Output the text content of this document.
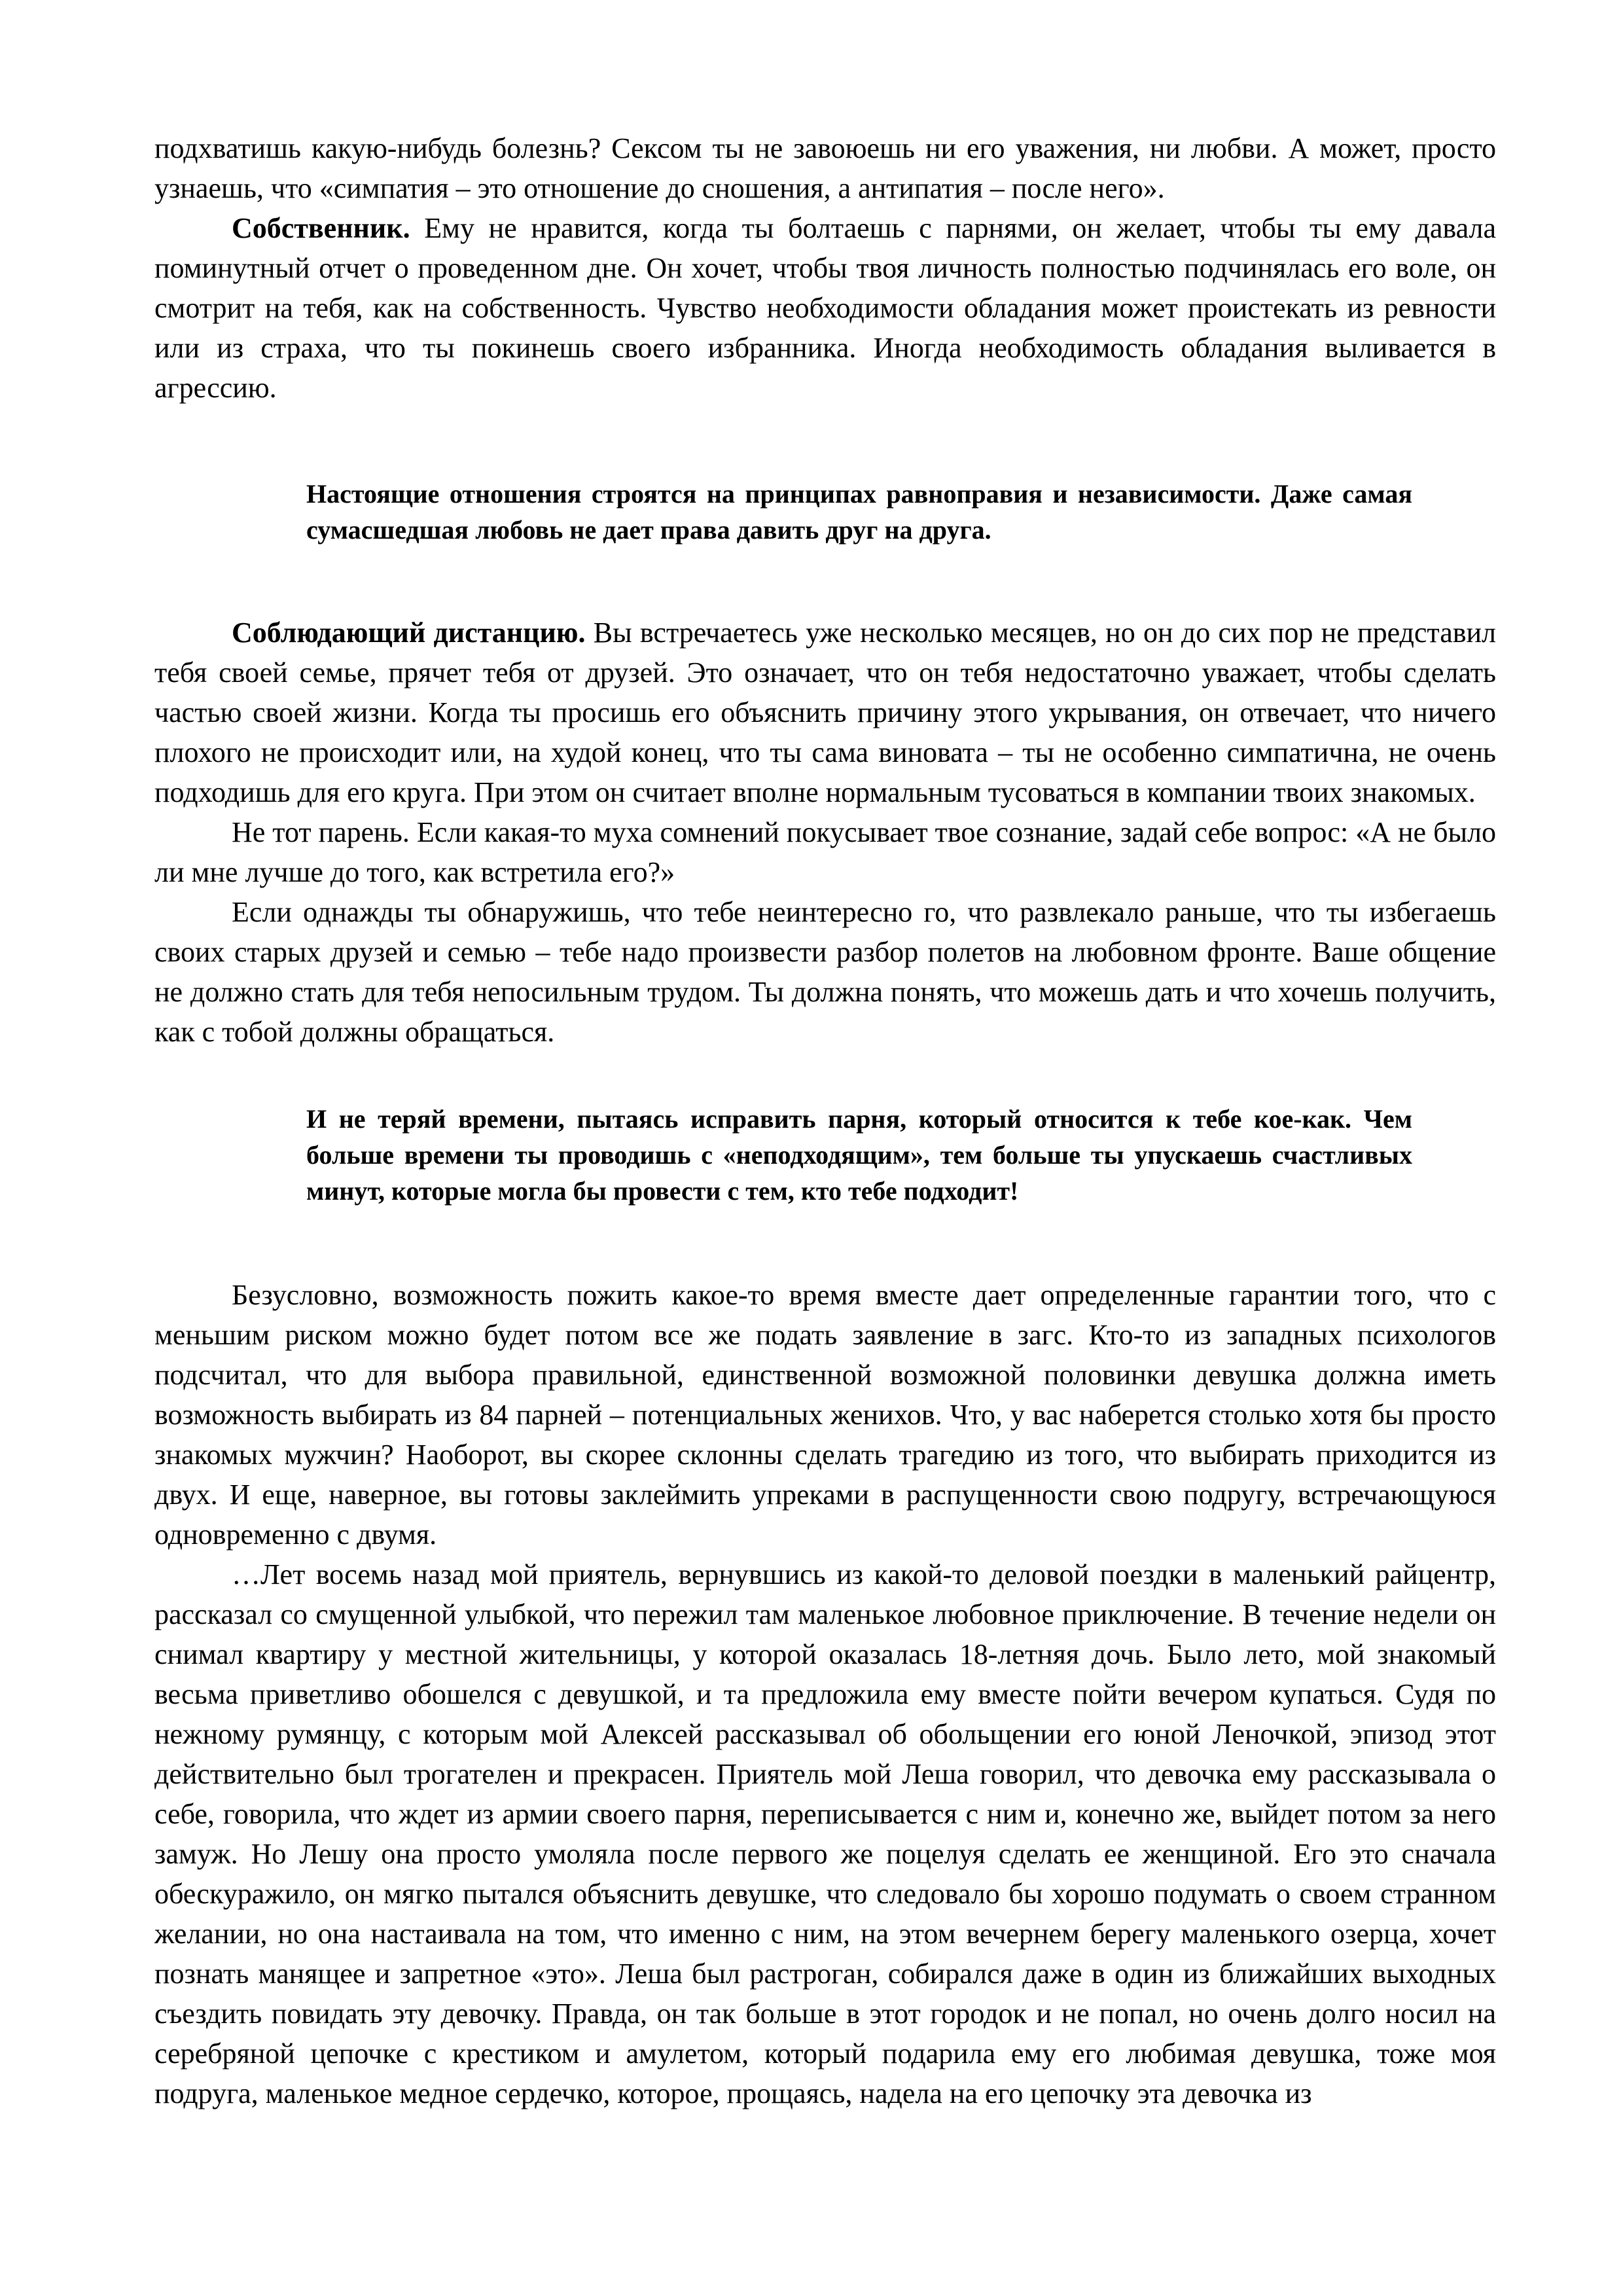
подхватишь какую-нибудь болезнь? Сексом ты не завоюешь ни его уважения, ни любви. А может, просто узнаешь, что «симпатия – это отношение до сношения, а антипатия – после него».

Собственник. Ему не нравится, когда ты болтаешь с парнями, он желает, чтобы ты ему давала поминутный отчет о проведенном дне. Он хочет, чтобы твоя личность полностью подчинялась его воле, он смотрит на тебя, как на собственность. Чувство необходимости обладания может проистекать из ревности или из страха, что ты покинешь своего избранника. Иногда необходимость обладания выливается в агрессию.

Настоящие отношения строятся на принципах равноправия и независимости. Даже самая сумасшедшая любовь не дает права давить друг на друга.

Соблюдающий дистанцию. Вы встречаетесь уже несколько месяцев, но он до сих пор не представил тебя своей семье, прячет тебя от друзей. Это означает, что он тебя недостаточно уважает, чтобы сделать частью своей жизни. Когда ты просишь его объяснить причину этого укрывания, он отвечает, что ничего плохого не происходит или, на худой конец, что ты сама виновата – ты не особенно симпатична, не очень подходишь для его круга. При этом он считает вполне нормальным тусоваться в компании твоих знакомых.

Не тот парень. Если какая-то муха сомнений покусывает твое сознание, задай себе вопрос: «А не было ли мне лучше до того, как встретила его?»

Если однажды ты обнаружишь, что тебе неинтересно го, что развлекало раньше, что ты избегаешь своих старых друзей и семью – тебе надо произвести разбор полетов на любовном фронте. Ваше общение не должно стать для тебя непосильным трудом. Ты должна понять, что можешь дать и что хочешь получить, как с тобой должны обращаться.

И не теряй времени, пытаясь исправить парня, который относится к тебе кое-как. Чем больше времени ты проводишь с «неподходящим», тем больше ты упускаешь счастливых минут, которые могла бы провести с тем, кто тебе подходит!

Безусловно, возможность пожить какое-то время вместе дает определенные гарантии того, что с меньшим риском можно будет потом все же подать заявление в загс. Кто-то из западных психологов подсчитал, что для выбора правильной, единственной возможной половинки девушка должна иметь возможность выбирать из 84 парней – потенциальных женихов. Что, у вас наберется столько хотя бы просто знакомых мужчин? Наоборот, вы скорее склонны сделать трагедию из того, что выбирать приходится из двух. И еще, наверное, вы готовы заклеймить упреками в распущенности свою подругу, встречающуюся одновременно с двумя.

…Лет восемь назад мой приятель, вернувшись из какой-то деловой поездки в маленький райцентр, рассказал со смущенной улыбкой, что пережил там маленькое любовное приключение. В течение недели он снимал квартиру у местной жительницы, у которой оказалась 18-летняя дочь. Было лето, мой знакомый весьма приветливо обошелся с девушкой, и та предложила ему вместе пойти вечером купаться. Судя по нежному румянцу, с которым мой Алексей рассказывал об обольщении его юной Леночкой, эпизод этот действительно был трогателен и прекрасен. Приятель мой Леша говорил, что девочка ему рассказывала о себе, говорила, что ждет из армии своего парня, переписывается с ним и, конечно же, выйдет потом за него замуж. Но Лешу она просто умоляла после первого же поцелуя сделать ее женщиной. Его это сначала обескуражило, он мягко пытался объяснить девушке, что следовало бы хорошо подумать о своем странном желании, но она настаивала на том, что именно с ним, на этом вечернем берегу маленького озерца, хочет познать манящее и запретное «это». Леша был растроган, собирался даже в один из ближайших выходных съездить повидать эту девочку. Правда, он так больше в этот городок и не попал, но очень долго носил на серебряной цепочке с крестиком и амулетом, который подарила ему его любимая девушка, тоже моя подруга, маленькое медное сердечко, которое, прощаясь, надела на его цепочку эта девочка из
